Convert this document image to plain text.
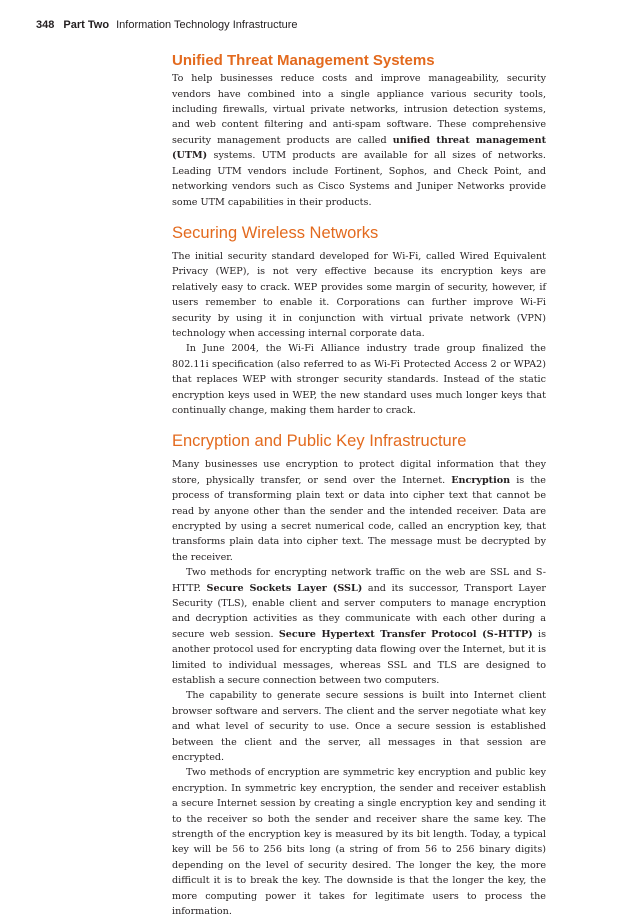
348 Part Two Information Technology Infrastructure
Unified Threat Management Systems

To help businesses reduce costs and improve manageability, security vendors have combined into a single appliance various security tools, including firewalls, virtual private networks, intrusion detection systems, and web content filtering and anti-spam software. These comprehensive security management products are called unified threat management (UTM) systems. UTM products are available for all sizes of networks. Leading UTM vendors include Fortinent, Sophos, and Check Point, and networking vendors such as Cisco Systems and Juniper Networks provide some UTM capabilities in their products.

Securing Wireless Networks

The initial security standard developed for Wi-Fi, called Wired Equivalent Privacy (WEP), is not very effective because its encryption keys are relatively easy to crack. WEP provides some margin of security, however, if users remember to enable it. Corporations can further improve Wi-Fi security by using it in conjunction with virtual private network (VPN) technology when accessing internal corporate data.

In June 2004, the Wi-Fi Alliance industry trade group finalized the 802.11i specification (also referred to as Wi-Fi Protected Access 2 or WPA2) that replaces WEP with stronger security standards. Instead of the static encryption keys used in WEP, the new standard uses much longer keys that continually change, making them harder to crack.

Encryption and Public Key Infrastructure

Many businesses use encryption to protect digital information that they store, physically transfer, or send over the Internet. Encryption is the process of transforming plain text or data into cipher text that cannot be read by anyone other than the sender and the intended receiver. Data are encrypted by using a secret numerical code, called an encryption key, that transforms plain data into cipher text. The message must be decrypted by the receiver.

Two methods for encrypting network traffic on the web are SSL and S-HTTP. Secure Sockets Layer (SSL) and its successor, Transport Layer Security (TLS), enable client and server computers to manage encryption and decryption activities as they communicate with each other during a secure web session. Secure Hypertext Transfer Protocol (S-HTTP) is another protocol used for encrypting data flowing over the Internet, but it is limited to individual messages, whereas SSL and TLS are designed to establish a secure connection between two computers.

The capability to generate secure sessions is built into Internet client browser software and servers. The client and the server negotiate what key and what level of security to use. Once a secure session is established between the client and the server, all messages in that session are encrypted.

Two methods of encryption are symmetric key encryption and public key encryption. In symmetric key encryption, the sender and receiver establish a secure Internet session by creating a single encryption key and sending it to the receiver so both the sender and receiver share the same key. The strength of the encryption key is measured by its bit length. Today, a typical key will be 56 to 256 bits long (a string of from 56 to 256 binary digits) depending on the level of security desired. The longer the key, the more difficult it is to break the key. The downside is that the longer the key, the more computing power it takes for legitimate users to process the information.
